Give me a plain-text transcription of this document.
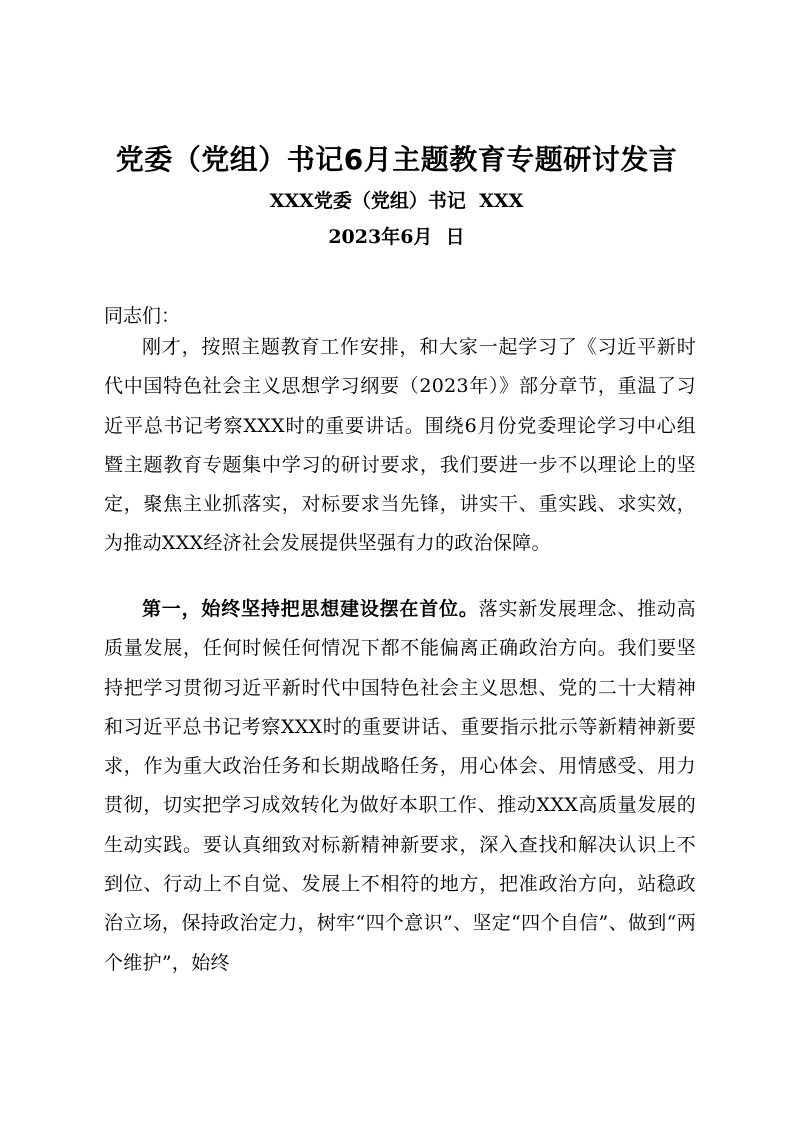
党委（党组）书记6月主题教育专题研讨发言
XXX党委（党组）书记  XXX
2023年6月  日
同志们：

刚才，按照主题教育工作安排，和大家一起学习了《习近平新时代中国特色社会主义思想学习纲要（2023年）》部分章节，重温了习近平总书记考察XXX时的重要讲话。围绕6月份党委理论学习中心组暨主题教育专题集中学习的研讨要求，我们要进一步不以理论上的坚定，聚焦主业抓落实，对标要求当先锋，讲实干、重实践、求实效，为推动XXX经济社会发展提供坚强有力的政治保障。

第一，始终坚持把思想建设摆在首位。落实新发展理念、推动高质量发展，任何时候任何情况下都不能偏离正确政治方向。我们要坚持把学习贯彻习近平新时代中国特色社会主义思想、党的二十大精神和习近平总书记考察XXX时的重要讲话、重要指示批示等新精神新要求，作为重大政治任务和长期战略任务，用心体会、用情感受、用力贯彻，切实把学习成效转化为做好本职工作、推动XXX高质量发展的生动实践。要认真细致对标新精神新要求，深入查找和解决认识上不到位、行动上不自觉、发展上不相符的地方，把准政治方向，站稳政治立场，保持政治定力，树牢“四个意识”、坚定“四个自信”、做到“两个维护”，始终
